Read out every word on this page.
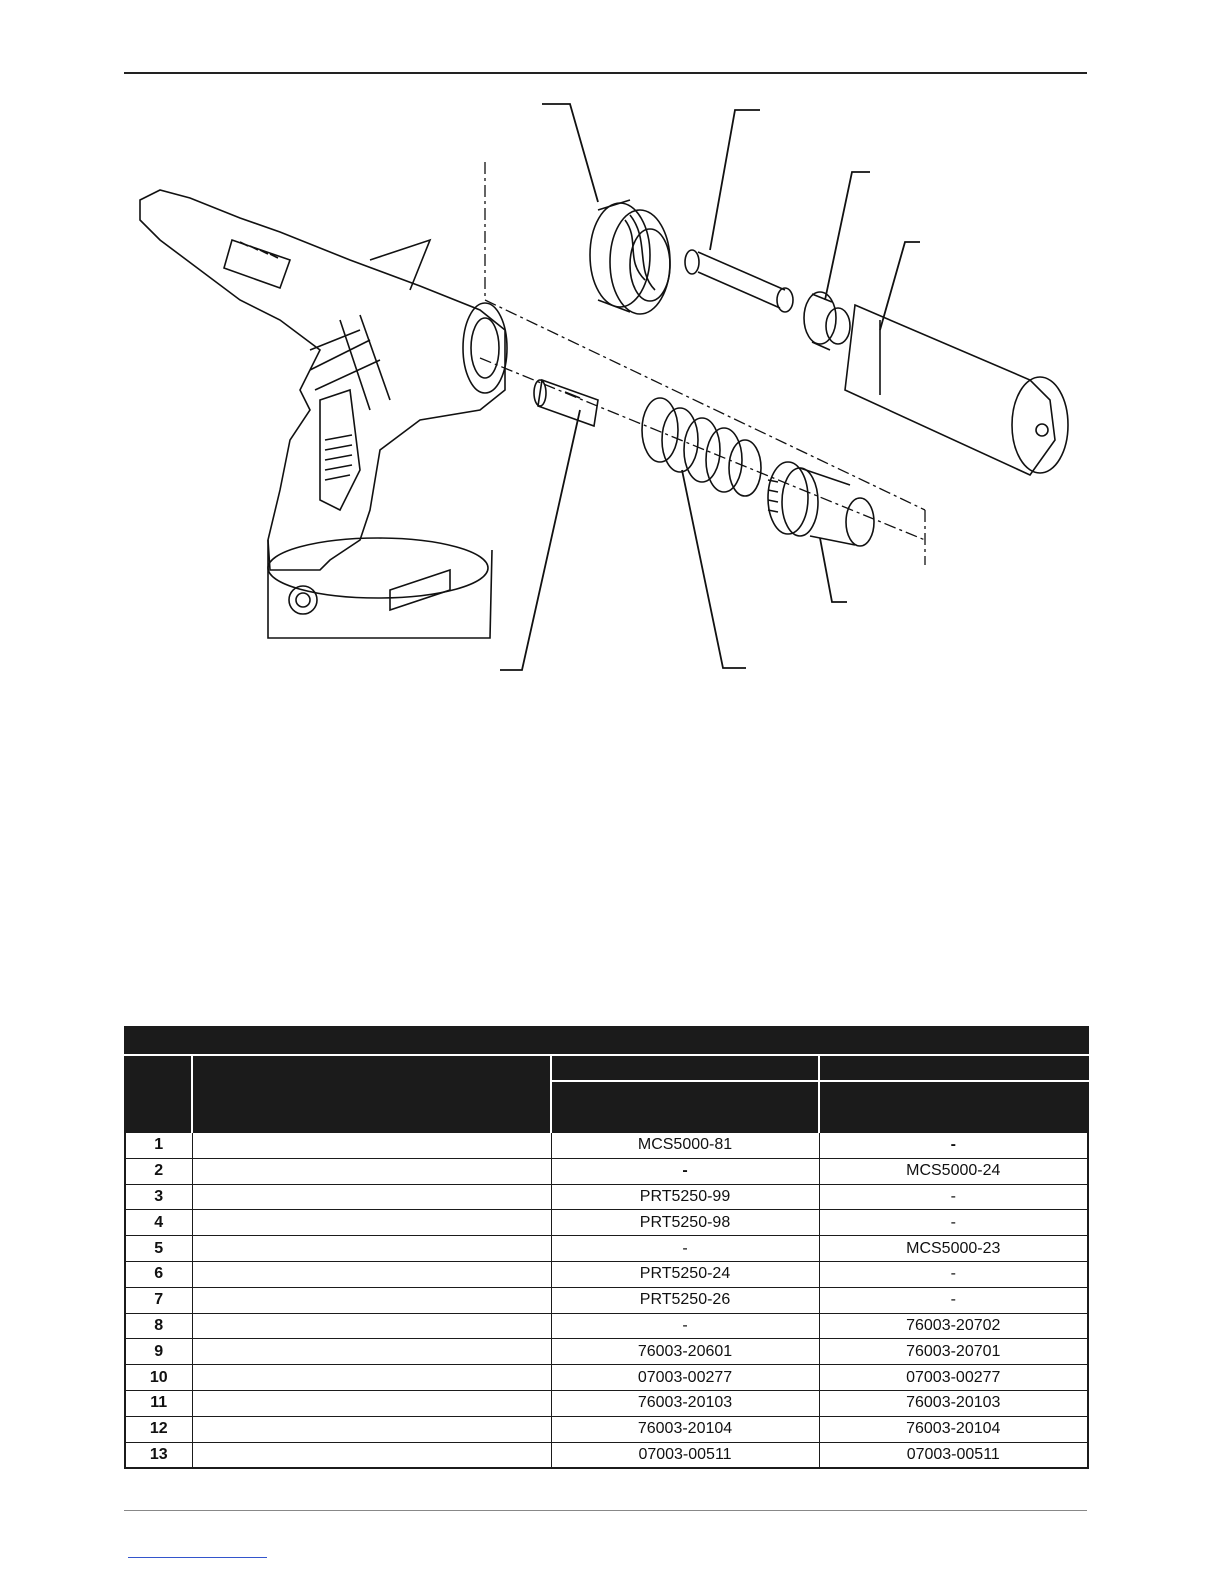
1		MCS5000-81	-
2		-	MCS5000-24
3		PRT5250-99	-
4		PRT5250-98	-
5		-	MCS5000-23
6		PRT5250-24	-
7		PRT5250-26	-
8		-	76003-20702
9		76003-20601	76003-20701
10		07003-00277	07003-00277
11		76003-20103	76003-20103
12		76003-20104	76003-20104
13		07003-00511	07003-00511
